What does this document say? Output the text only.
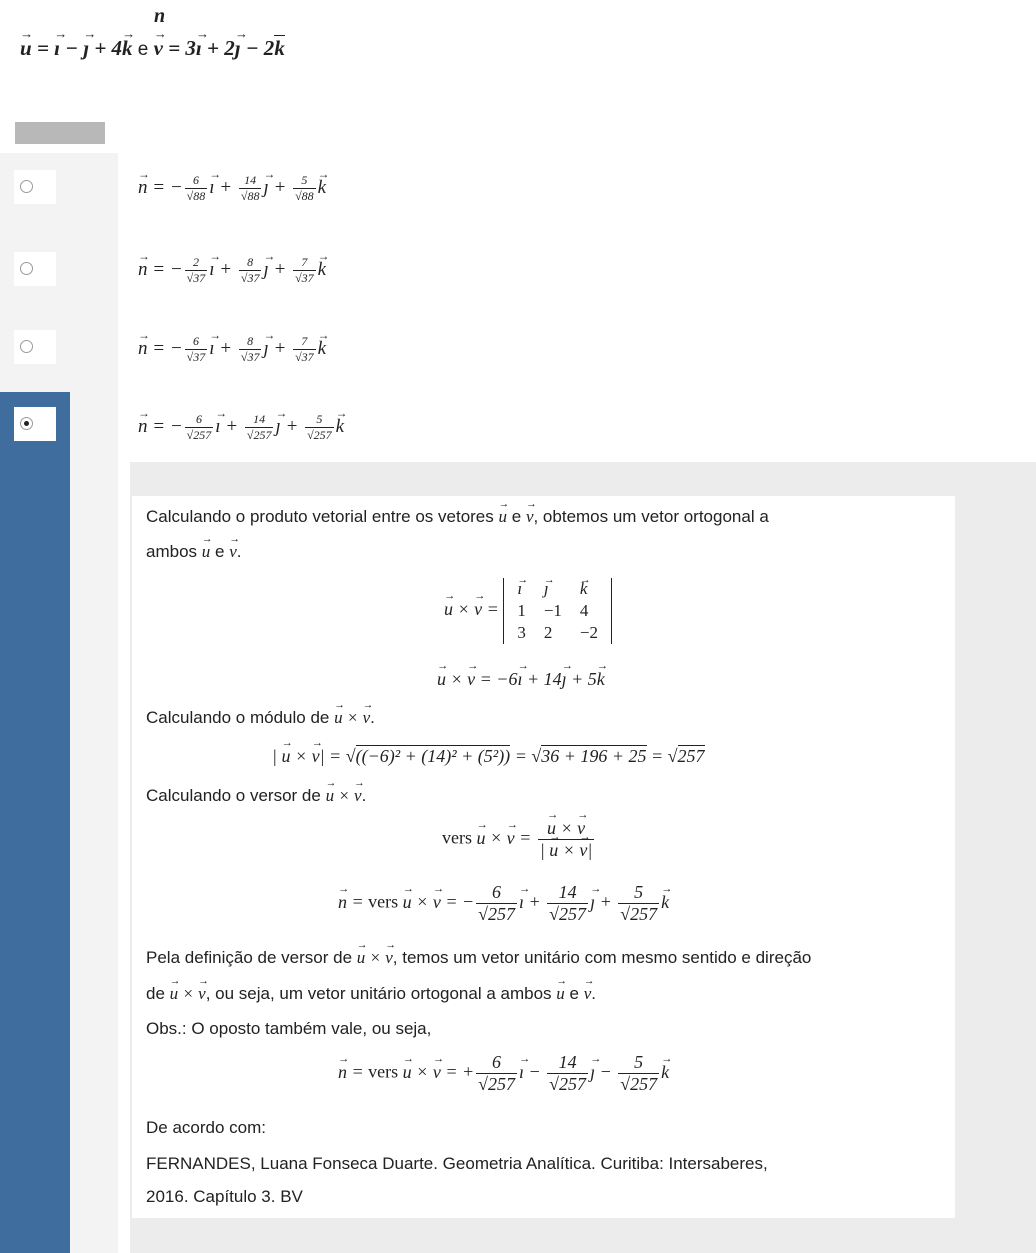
n
→ u = → ı − → ȷ + 4→ k e → v = 3→ ı + 2→ ȷ − 2k
→ n = − $\frac{6}{√88}$ → ı + $\frac{14}{√88}$ → ȷ + $\frac{5}{√88} \to k$
→ n = − $\frac{2}{√37}$ → ı + $\frac{8}{√37}$ → ȷ + $\frac{7}{√37} \to k$
→ n = − $\frac{6}{√37}$ → ı + $\frac{8}{√37}$ → ȷ + $\frac{7}{√37} \to k$
→ n = − $\frac{6}{√257}$ → ı + $\frac{14}{√257}$ → ȷ + $\frac{5}{√257} \to k$
Calculando o produto vetorial entre os vetores → u e → v, obtemos um vetor ortogonal a
ambos → u e → v.
→ u × → v =
→ ı	→ ȷ	→ k
1	−1	4
3	2	−2
→ u × → v = −6→ ı + 14→ ȷ + 5→ k
Calculando o módulo de → u × → v.
| → u × → v| = √((−6)² + (14)² + (5²)) = √36 + 196 + 25 = √257
Calculando o versor de → u × → v.
vers → u × → v = → $\frac{u \times \to v}{| \to u \times \to v|}$
→ n = vers → u × → v = − $\frac{6}{√257}$ → ı + $\frac{14}{√257}$ → ȷ + $\frac{5}{√257} \to k$
Pela definição de versor de → u × → v, temos um vetor unitário com mesmo sentido e direção
de → u × → v, ou seja, um vetor unitário ortogonal a ambos → u e → v.
Obs.: O oposto também vale, ou seja,
→ n = vers → u × → v = + $\frac{6}{√257}$ → ı − $\frac{14}{√257}$ → ȷ − $\frac{5}{√257} \to k$
De acordo com:
FERNANDES, Luana Fonseca Duarte. Geometria Analítica. Curitiba: Intersaberes,
2016. Capítulo 3. BV
